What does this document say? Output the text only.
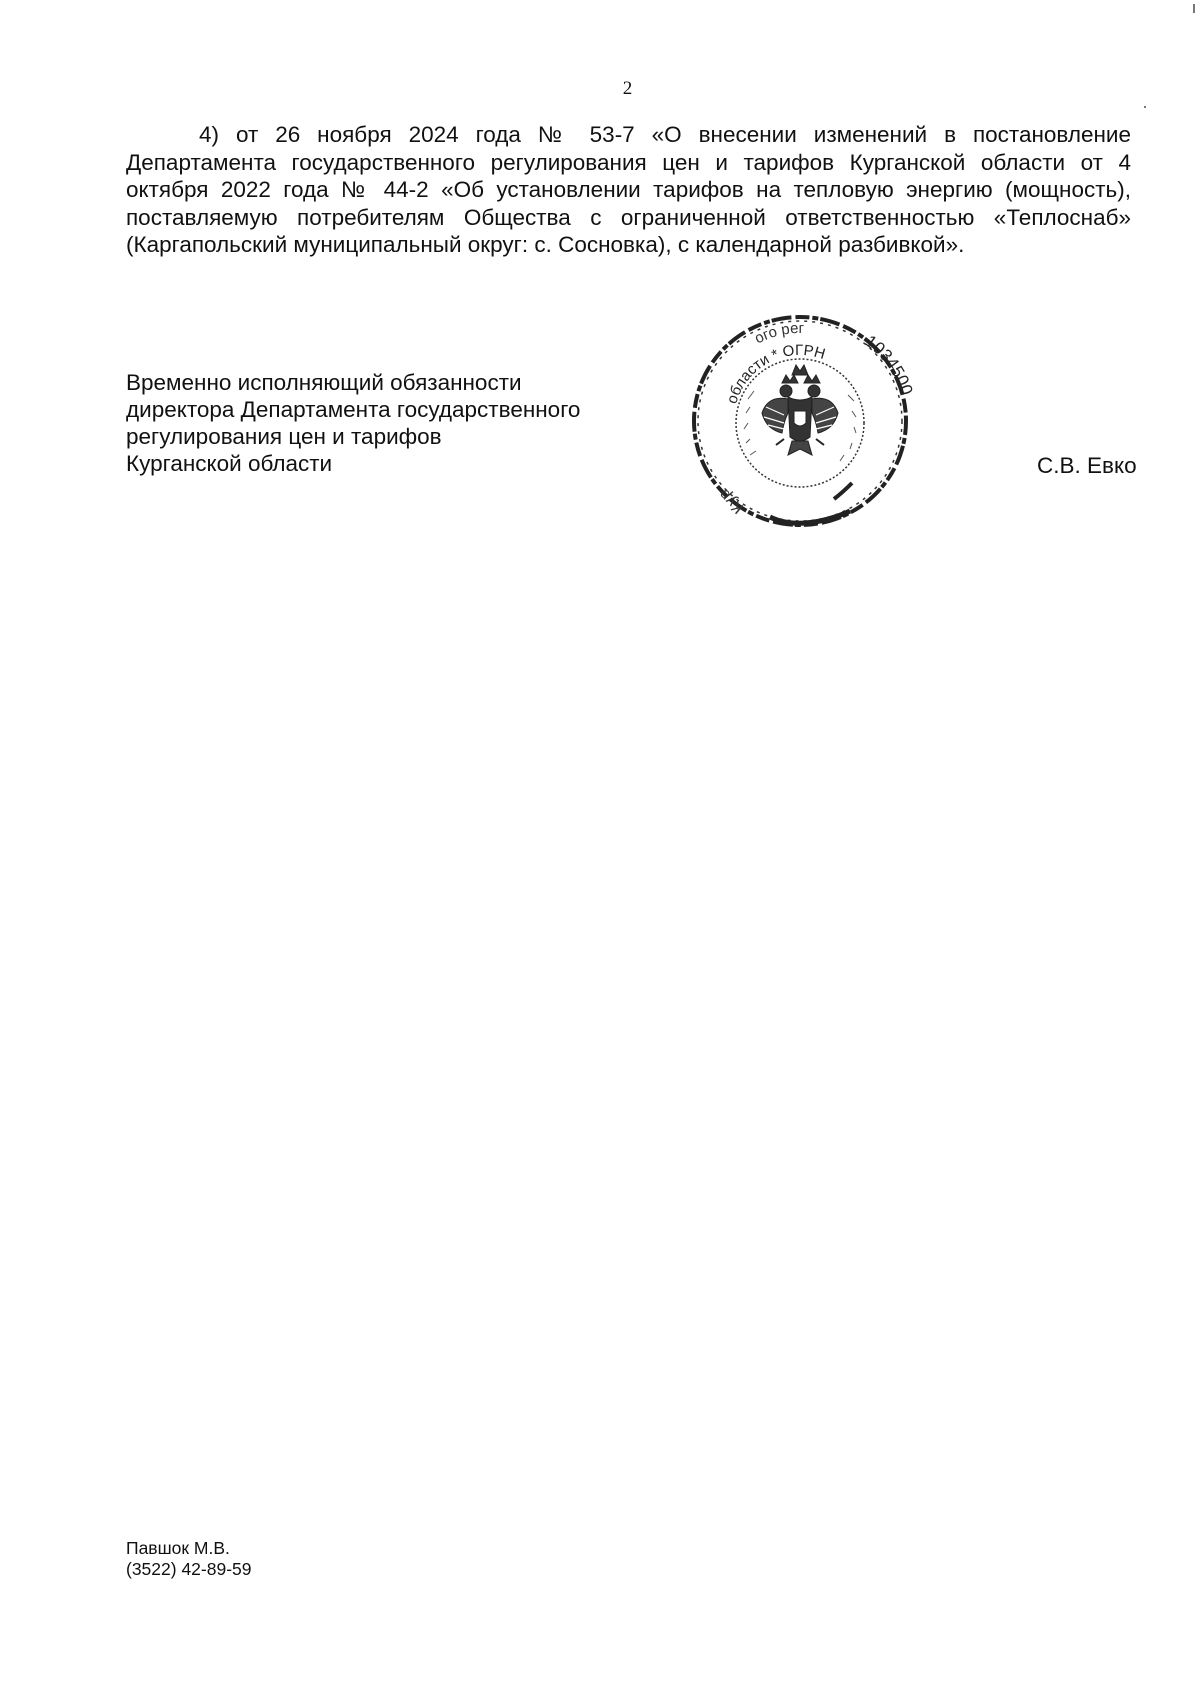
2

4) от 26 ноября 2024 года № 53-7 «О внесении изменений в постановление Департамента государственного регулирования цен и тарифов Курганской области от 4 октября 2022 года № 44-2 «Об установлении тарифов на тепловую энергию (мощность), поставляемую потребителям Общества с ограниченной ответственностью «Теплоснаб» (Каргапольский муниципальный округ: с. Сосновка), с календарной разбивкой».

Временно исполняющий обязанности
директора Департамента государственного
регулирования цен и тарифов
Курганской области
ого рег
области * ОГРН
1034500
Кур
С.В. Евко
Павшок М.В.
(3522) 42-89-59
